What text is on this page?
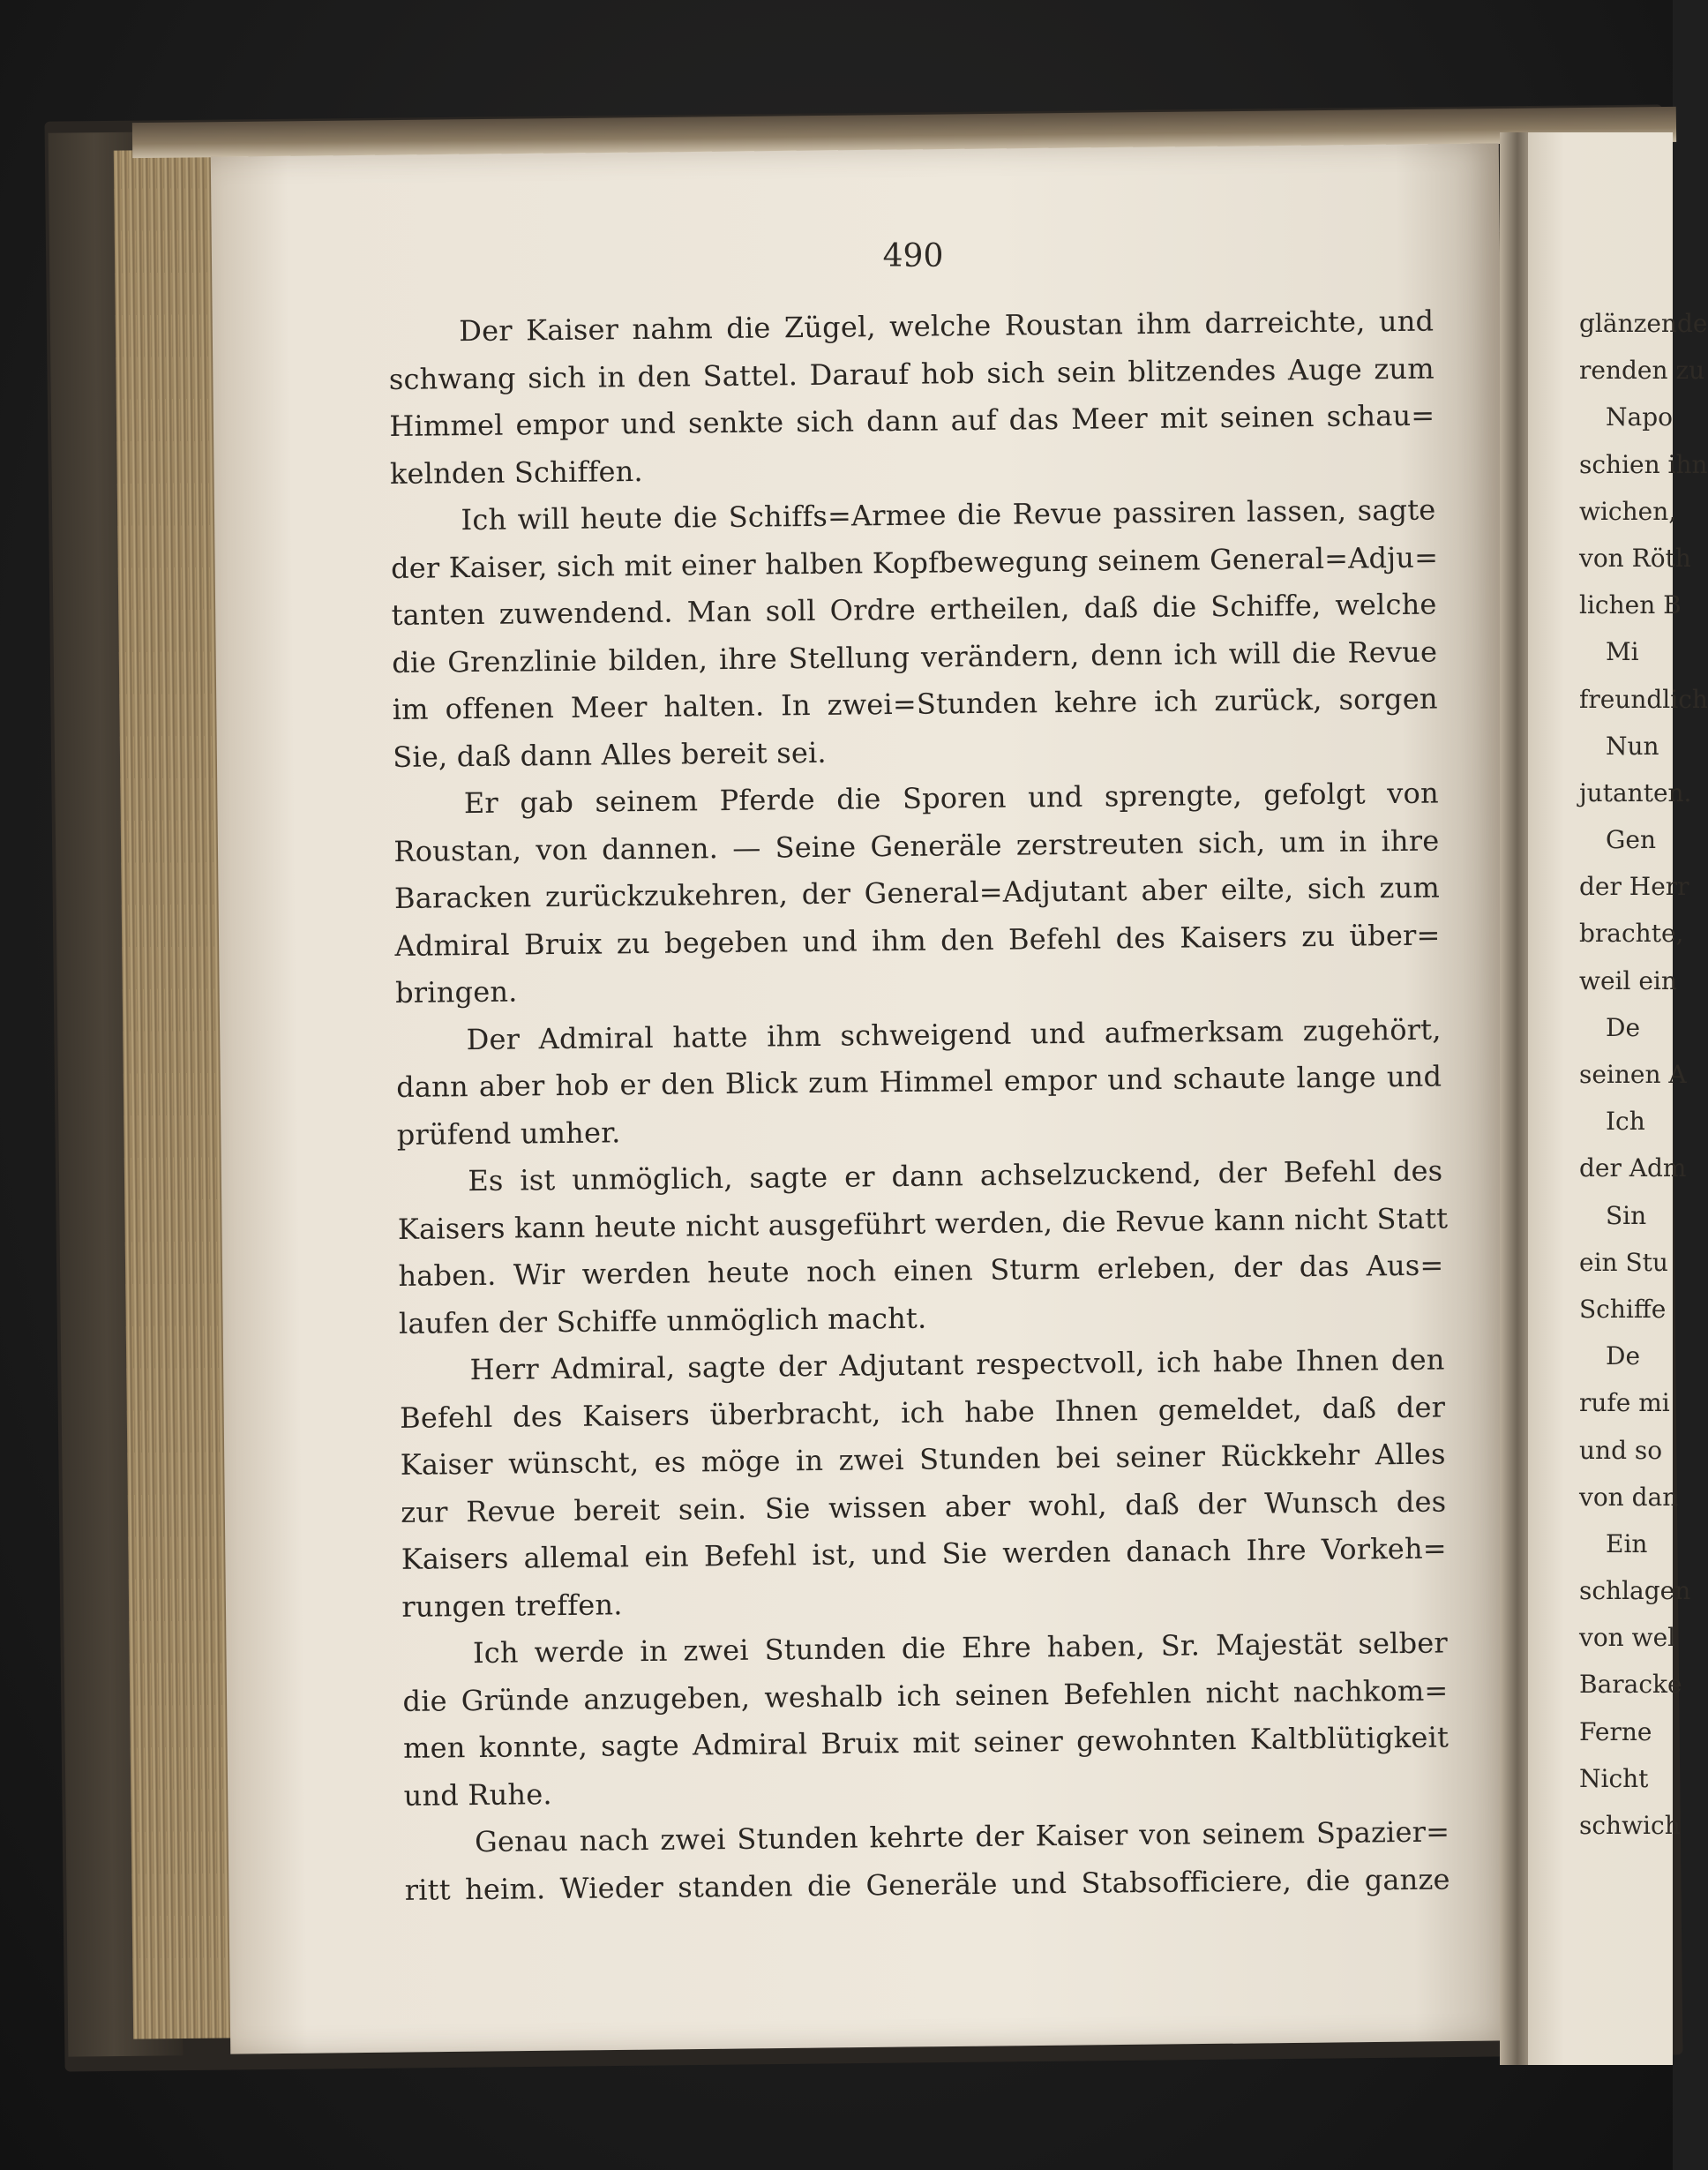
490
Der Kaiser nahm die Zügel, welche Roustan ihm darreichte, und
schwang sich in den Sattel. Darauf hob sich sein blitzendes Auge zum
Himmel empor und senkte sich dann auf das Meer mit seinen schau=
kelnden Schiffen.
Ich will heute die Schiffs=Armee die Revue passiren lassen, sagte
der Kaiser, sich mit einer halben Kopfbewegung seinem General=Adju=
tanten zuwendend. Man soll Ordre ertheilen, daß die Schiffe, welche
die Grenzlinie bilden, ihre Stellung verändern, denn ich will die Revue
im offenen Meer halten. In zwei=Stunden kehre ich zurück, sorgen
Sie, daß dann Alles bereit sei.
Er gab seinem Pferde die Sporen und sprengte, gefolgt von
Roustan, von dannen. — Seine Generäle zerstreuten sich, um in ihre
Baracken zurückzukehren, der General=Adjutant aber eilte, sich zum
Admiral Bruix zu begeben und ihm den Befehl des Kaisers zu über=
bringen.
Der Admiral hatte ihm schweigend und aufmerksam zugehört,
dann aber hob er den Blick zum Himmel empor und schaute lange und
prüfend umher.
Es ist unmöglich, sagte er dann achselzuckend, der Befehl des
Kaisers kann heute nicht ausgeführt werden, die Revue kann nicht Statt
haben. Wir werden heute noch einen Sturm erleben, der das Aus=
laufen der Schiffe unmöglich macht.
Herr Admiral, sagte der Adjutant respectvoll, ich habe Ihnen den
Befehl des Kaisers überbracht, ich habe Ihnen gemeldet, daß der
Kaiser wünscht, es möge in zwei Stunden bei seiner Rückkehr Alles
zur Revue bereit sein. Sie wissen aber wohl, daß der Wunsch des
Kaisers allemal ein Befehl ist, und Sie werden danach Ihre Vorkeh=
rungen treffen.
Ich werde in zwei Stunden die Ehre haben, Sr. Majestät selber
die Gründe anzugeben, weshalb ich seinen Befehlen nicht nachkom=
men konnte, sagte Admiral Bruix mit seiner gewohnten Kaltblütigkeit
und Ruhe.
Genau nach zwei Stunden kehrte der Kaiser von seinem Spazier=
ritt heim. Wieder standen die Generäle und Stabsofficiere, die ganze
glänzende
renden zu
Napo
schien ihn
wichen,
von Röth
lichen B
Mi
freundlich
Nun
jutanten.
Gen
der Herr
brachte,
weil ein
De
seinen A
Ich
der Adm
Sin
ein Stu
Schiffe
De
rufe mi
und so
von dan
Ein
schlagen
von wel
Baracke
Ferne
Nicht
schwich
